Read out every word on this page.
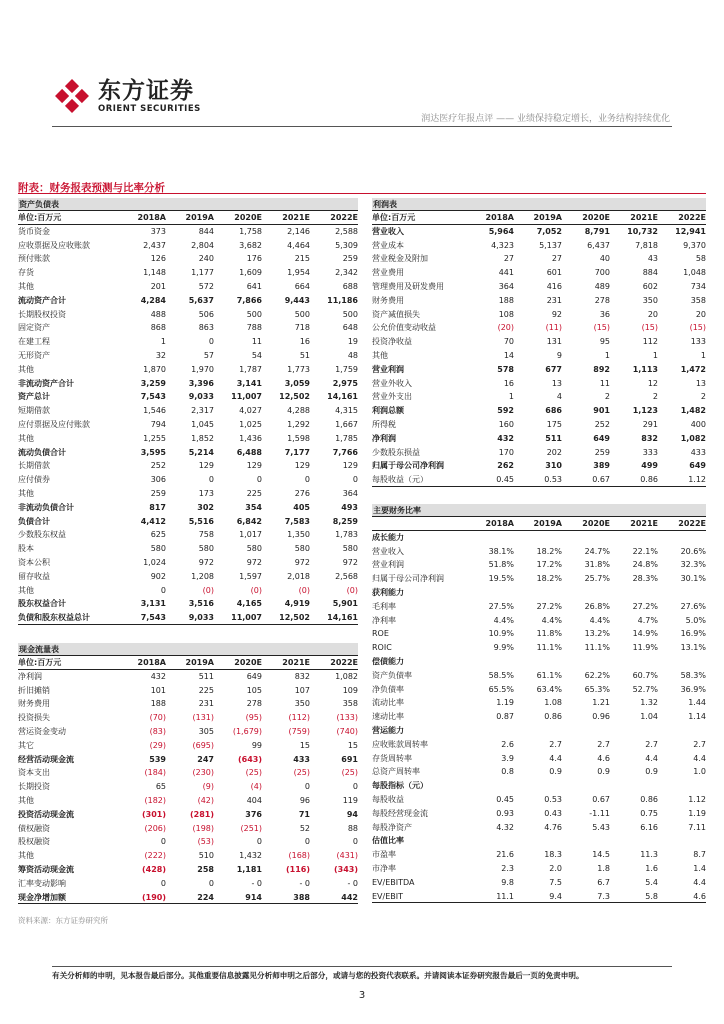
东方证券
ORIENT SECURITIES
润达医疗年报点评 —— 业绩保持稳定增长，业务结构持续优化
附表：财务报表预测与比率分析
资产负债表
单位:百万元	2018A	2019A	2020E	2021E	2022E
货币资金	373	844	1,758	2,146	2,588
应收票据及应收账款	2,437	2,804	3,682	4,464	5,309
预付账款	126	240	176	215	259
存货	1,148	1,177	1,609	1,954	2,342
其他	201	572	641	664	688
流动资产合计	4,284	5,637	7,866	9,443	11,186
长期股权投资	488	506	500	500	500
固定资产	868	863	788	718	648
在建工程	1	0	11	16	19
无形资产	32	57	54	51	48
其他	1,870	1,970	1,787	1,773	1,759
非流动资产合计	3,259	3,396	3,141	3,059	2,975
资产总计	7,543	9,033	11,007	12,502	14,161
短期借款	1,546	2,317	4,027	4,288	4,315
应付票据及应付账款	794	1,045	1,025	1,292	1,667
其他	1,255	1,852	1,436	1,598	1,785
流动负债合计	3,595	5,214	6,488	7,177	7,766
长期借款	252	129	129	129	129
应付债券	306	0	0	0	0
其他	259	173	225	276	364
非流动负债合计	817	302	354	405	493
负债合计	4,412	5,516	6,842	7,583	8,259
少数股东权益	625	758	1,017	1,350	1,783
股本	580	580	580	580	580
资本公积	1,024	972	972	972	972
留存收益	902	1,208	1,597	2,018	2,568
其他	0	(0)	(0)	(0)	(0)
股东权益合计	3,131	3,516	4,165	4,919	5,901
负债和股东权益总计	7,543	9,033	11,007	12,502	14,161
现金流量表
单位:百万元	2018A	2019A	2020E	2021E	2022E
净利润	432	511	649	832	1,082
折旧摊销	101	225	105	107	109
财务费用	188	231	278	350	358
投资损失	(70)	(131)	(95)	(112)	(133)
营运资金变动	(83)	305	(1,679)	(759)	(740)
其它	(29)	(695)	99	15	15
经营活动现金流	539	247	(643)	433	691
资本支出	(184)	(230)	(25)	(25)	(25)
长期投资	65	(9)	(4)	0	0
其他	(182)	(42)	404	96	119
投资活动现金流	(301)	(281)	376	71	94
债权融资	(206)	(198)	(251)	52	88
股权融资	0	(53)	0	0	0
其他	(222)	510	1,432	(168)	(431)
筹资活动现金流	(428)	258	1,181	(116)	(343)
汇率变动影响	0	0	- 0	- 0	- 0
现金净增加额	(190)	224	914	388	442
利润表
单位:百万元	2018A	2019A	2020E	2021E	2022E
营业收入	5,964	7,052	8,791	10,732	12,941
营业成本	4,323	5,137	6,437	7,818	9,370
营业税金及附加	27	27	40	43	58
营业费用	441	601	700	884	1,048
管理费用及研发费用	364	416	489	602	734
财务费用	188	231	278	350	358
资产减值损失	108	92	36	20	20
公允价值变动收益	(20)	(11)	(15)	(15)	(15)
投资净收益	70	131	95	112	133
其他	14	9	1	1	1
营业利润	578	677	892	1,113	1,472
营业外收入	16	13	11	12	13
营业外支出	1	4	2	2	2
利润总额	592	686	901	1,123	1,482
所得税	160	175	252	291	400
净利润	432	511	649	832	1,082
少数股东损益	170	202	259	333	433
归属于母公司净利润	262	310	389	499	649
每股收益（元）	0.45	0.53	0.67	0.86	1.12
主要财务比率
2018A	2019A	2020E	2021E	2022E
成长能力
营业收入	38.1%	18.2%	24.7%	22.1%	20.6%
营业利润	51.8%	17.2%	31.8%	24.8%	32.3%
归属于母公司净利润	19.5%	18.2%	25.7%	28.3%	30.1%
获利能力
毛利率	27.5%	27.2%	26.8%	27.2%	27.6%
净利率	4.4%	4.4%	4.4%	4.7%	5.0%
ROE	10.9%	11.8%	13.2%	14.9%	16.9%
ROIC	9.9%	11.1%	11.1%	11.9%	13.1%
偿债能力
资产负债率	58.5%	61.1%	62.2%	60.7%	58.3%
净负债率	65.5%	63.4%	65.3%	52.7%	36.9%
流动比率	1.19	1.08	1.21	1.32	1.44
速动比率	0.87	0.86	0.96	1.04	1.14
营运能力
应收账款周转率	2.6	2.7	2.7	2.7	2.7
存货周转率	3.9	4.4	4.6	4.4	4.4
总资产周转率	0.8	0.9	0.9	0.9	1.0
每股指标（元）
每股收益	0.45	0.53	0.67	0.86	1.12
每股经营现金流	0.93	0.43	-1.11	0.75	1.19
每股净资产	4.32	4.76	5.43	6.16	7.11
估值比率
市盈率	21.6	18.3	14.5	11.3	8.7
市净率	2.3	2.0	1.8	1.6	1.4
EV/EBITDA	9.8	7.5	6.7	5.4	4.4
EV/EBIT	11.1	9.4	7.3	5.8	4.6
资料来源：东方证券研究所
有关分析师的申明，见本报告最后部分。其他重要信息披露见分析师申明之后部分，或请与您的投资代表联系。并请阅读本证券研究报告最后一页的免责申明。
3
